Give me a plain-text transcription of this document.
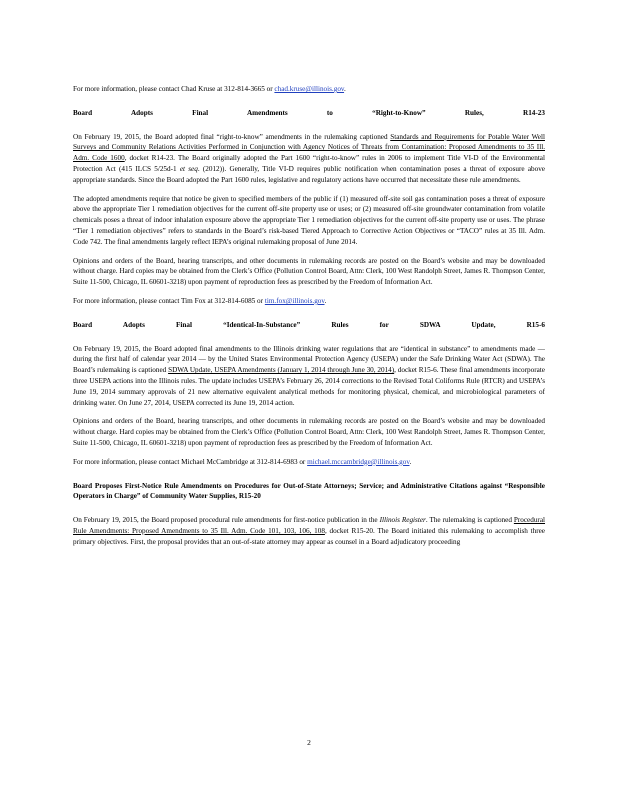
For more information, please contact Chad Kruse at 312-814-3665 or chad.kruse@illinois.gov.

Board Adopts Final Amendments to “Right-to-Know” Rules, R14-23

On February 19, 2015, the Board adopted final “right-to-know” amendments in the rulemaking captioned Standards and Requirements for Potable Water Well Surveys and Community Relations Activities Performed in Conjunction with Agency Notices of Threats from Contamination: Proposed Amendments to 35 Ill. Adm. Code 1600, docket R14-23. The Board originally adopted the Part 1600 “right-to-know” rules in 2006 to implement Title VI-D of the Environmental Protection Act (415 ILCS 5/25d-1 et seq. (2012)). Generally, Title VI-D requires public notification when contamination poses a threat of exposure above appropriate standards. Since the Board adopted the Part 1600 rules, legislative and regulatory actions have occurred that necessitate these rule amendments.

The adopted amendments require that notice be given to specified members of the public if (1) measured off-site soil gas contamination poses a threat of exposure above the appropriate Tier 1 remediation objectives for the current off-site property use or uses; or (2) measured off-site groundwater contamination from volatile chemicals poses a threat of indoor inhalation exposure above the appropriate Tier 1 remediation objectives for the current off-site property use or uses. The phrase “Tier 1 remediation objectives” refers to standards in the Board’s risk-based Tiered Approach to Corrective Action Objectives or “TACO” rules at 35 Ill. Adm. Code 742. The final amendments largely reflect IEPA’s original rulemaking proposal of June 2014.

Opinions and orders of the Board, hearing transcripts, and other documents in rulemaking records are posted on the Board’s website and may be downloaded without charge. Hard copies may be obtained from the Clerk’s Office (Pollution Control Board, Attn: Clerk, 100 West Randolph Street, James R. Thompson Center, Suite 11-500, Chicago, IL 60601-3218) upon payment of reproduction fees as prescribed by the Freedom of Information Act.

For more information, please contact Tim Fox at 312-814-6085 or tim.fox@illinois.gov.

Board Adopts Final “Identical-In-Substance” Rules for SDWA Update, R15-6

On February 19, 2015, the Board adopted final amendments to the Illinois drinking water regulations that are “identical in substance” to amendments made — during the first half of calendar year 2014 — by the United States Environmental Protection Agency (USEPA) under the Safe Drinking Water Act (SDWA). The Board’s rulemaking is captioned SDWA Update, USEPA Amendments (January 1, 2014 through June 30, 2014), docket R15-6. These final amendments incorporate three USEPA actions into the Illinois rules. The update includes USEPA’s February 26, 2014 corrections to the Revised Total Coliforms Rule (RTCR) and USEPA’s June 19, 2014 summary approvals of 21 new alternative equivalent analytical methods for monitoring physical, chemical, and microbiological parameters of drinking water. On June 27, 2014, USEPA corrected its June 19, 2014 action.

Opinions and orders of the Board, hearing transcripts, and other documents in rulemaking records are posted on the Board’s website and may be downloaded without charge. Hard copies may be obtained from the Clerk’s Office (Pollution Control Board, Attn: Clerk, 100 West Randolph Street, James R. Thompson Center, Suite 11-500, Chicago, IL 60601-3218) upon payment of reproduction fees as prescribed by the Freedom of Information Act.

For more information, please contact Michael McCambridge at 312-814-6983 or michael.mccambridge@illinois.gov.

Board Proposes First-Notice Rule Amendments on Procedures for Out-of-State Attorneys; Service; and Administrative Citations against “Responsible Operators in Charge” of Community Water Supplies, R15-20

On February 19, 2015, the Board proposed procedural rule amendments for first-notice publication in the Illinois Register. The rulemaking is captioned Procedural Rule Amendments: Proposed Amendments to 35 Ill. Adm. Code 101, 103, 106, 108, docket R15-20. The Board initiated this rulemaking to accomplish three primary objectives. First, the proposal provides that an out-of-state attorney may appear as counsel in a Board adjudicatory proceeding

2
